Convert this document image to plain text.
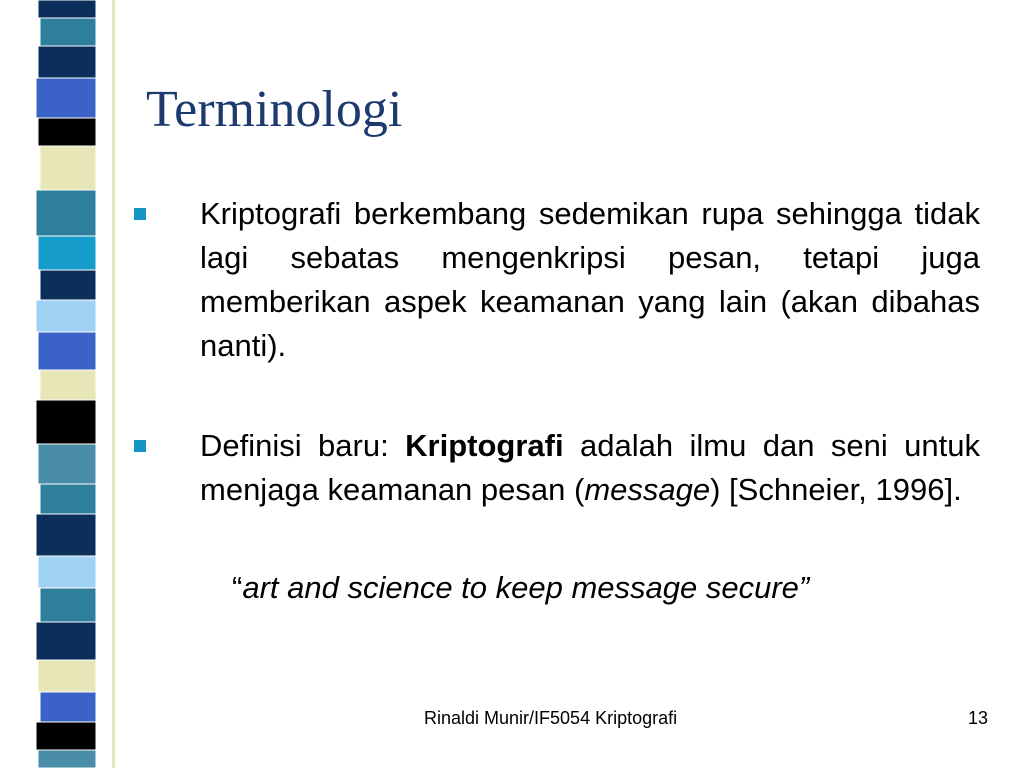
Terminologi

Kriptografi berkembang sedemikan rupa sehingga tidak lagi sebatas mengenkripsi pesan, tetapi juga memberikan aspek keamanan yang lain (akan dibahas nanti).

Definisi baru: Kriptografi adalah ilmu dan seni untuk menjaga keamanan pesan (message) [Schneier, 1996].

“art and science to keep message secure”

Rinaldi Munir/IF5054 Kriptografi	13
